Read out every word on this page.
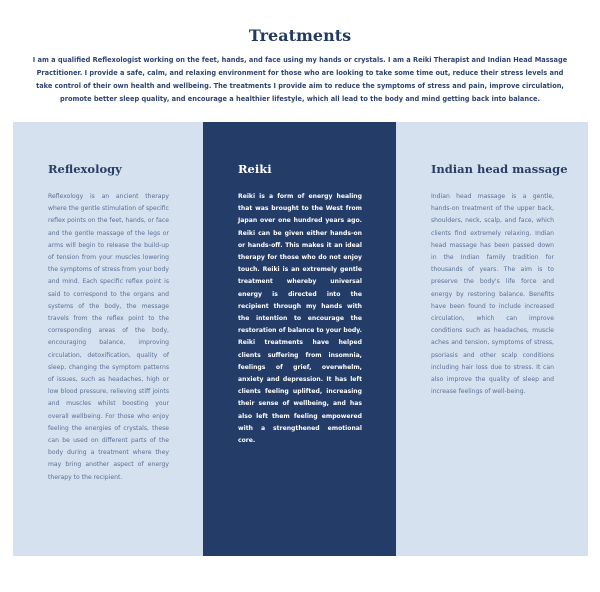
Treatments

I am a qualified Reflexologist working on the feet, hands, and face using my hands or crystals. I am a Reiki Therapist and Indian Head Massage Practitioner. I provide a safe, calm, and relaxing environment for those who are looking to take some time out, reduce their stress levels and take control of their own health and wellbeing. The treatments I provide aim to reduce the symptoms of stress and pain, improve circulation, promote better sleep quality, and encourage a healthier lifestyle, which all lead to the body and mind getting back into balance.

Reflexology

Reflexology is an ancient therapy where the gentle stimulation of specific reflex points on the feet, hands, or face and the gentle massage of the legs or arms will begin to release the build-up of tension from your muscles lowering the symptoms of stress from your body and mind. Each specific reflex point is said to correspond to the organs and systems of the body, the message travels from the reflex point to the corresponding areas of the body, encouraging balance, improving circulation, detoxification, quality of sleep, changing the symptom patterns of issues, such as headaches, high or low blood pressure, relieving stiff joints and muscles whilst boosting your overall wellbeing. For those who enjoy feeling the energies of crystals, these can be used on different parts of the body during a treatment where they may bring another aspect of energy therapy to the recipient.

Reiki

Reiki is a form of energy healing that was brought to the West from Japan over one hundred years ago. Reiki can be given either hands-on or hands-off. This makes it an ideal therapy for those who do not enjoy touch. Reiki is an extremely gentle treatment whereby universal energy is directed into the recipient through my hands with the intention to encourage the restoration of balance to your body. Reiki treatments have helped clients suffering from insomnia, feelings of grief, overwhelm, anxiety and depression. It has left clients feeling uplifted, increasing their sense of wellbeing, and has also left them feeling empowered with a strengthened emotional core.

Indian head massage

Indian head massage is a gentle, hands-on treatment of the upper back, shoulders, neck, scalp, and face, which clients find extremely relaxing. Indian head massage has been passed down in the Indian family tradition for thousands of years. The aim is to preserve the body's life force and energy by restoring balance. Benefits have been found to include increased circulation, which can improve conditions such as headaches, muscle aches and tension, symptoms of stress, psoriasis and other scalp conditions including hair loss due to stress. It can also improve the quality of sleep and increase feelings of well-being.
